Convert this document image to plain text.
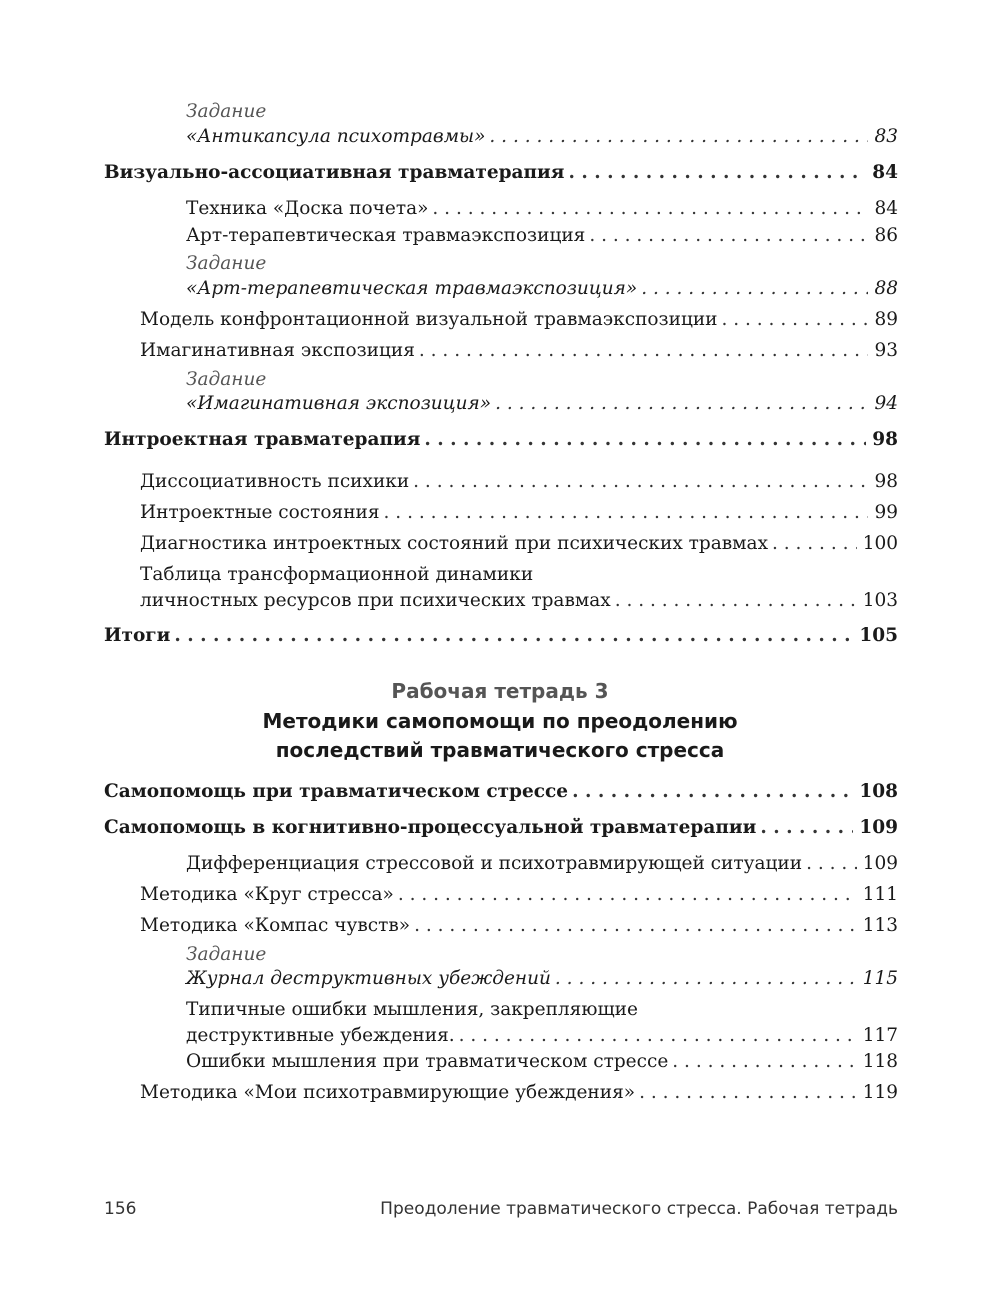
Задание
«Антикапсула психотравмы» . . .	83
Визуально-ассоциативная травматерапия . . .	84
Техника «Доска почета» . . .	84
Арт-терапевтическая травмаэкспозиция . . .	86
Задание
«Арт-терапевтическая травмаэкспозиция» . . .	88
Модель конфронтационной визуальной травмаэкспозиции . . .	89
Имагинативная экспозиция . . .	93
Задание
«Имагинативная экспозиция» . . .	94
Интроектная травматерапия . . .	98
Диссоциативность психики . . .	98
Интроектные состояния . . .	99
Диагностика интроектных состояний при психических травмах . . .	100
Таблица трансформационной динамики
личностных ресурсов при психических травмах . . .	103
Итоги . . .	105
Рабочая тетрадь 3
Методики самопомощи по преодолению
последствий травматического стресса
Самопомощь при травматическом стрессе . . .	108
Самопомощь в когнитивно-процессуальной травматерапии . . .	109
Дифференциация стрессовой и психотравмирующей ситуации . . .	109
Методика «Круг стресса» . . .	111
Методика «Компас чувств» . . .	113
Задание
Журнал деструктивных убеждений . . .	115
Типичные ошибки мышления, закрепляющие
деструктивные убеждения. . . .	117
Ошибки мышления при травматическом стрессе . . .	118
Методика «Мои психотравмирующие убеждения» . . .	119
156	Преодоление травматического стресса. Рабочая тетрадь
